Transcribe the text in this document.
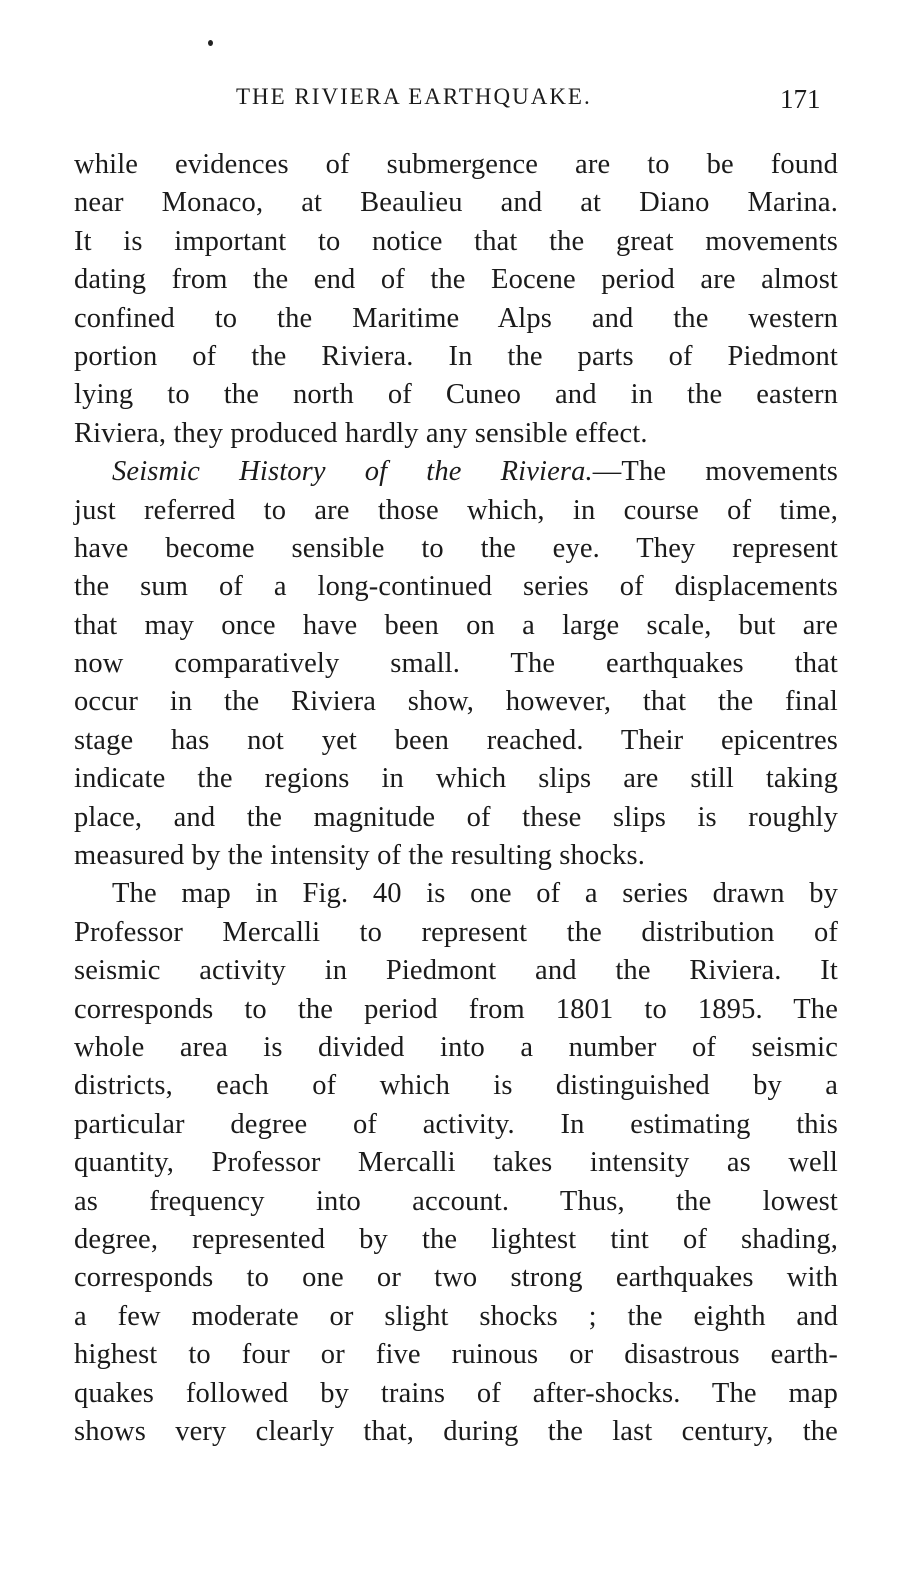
THE RIVIERA EARTHQUAKE.	171
while evidences of submergence are to be found
near Monaco, at Beaulieu and at Diano Marina.
It is important to notice that the great movements
dating from the end of the Eocene period are almost
confined to the Maritime Alps and the western
portion of the Riviera. In the parts of Piedmont
lying to the north of Cuneo and in the eastern
Riviera, they produced hardly any sensible effect.
Seismic History of the Riviera.—The movements
just referred to are those which, in course of time,
have become sensible to the eye. They represent
the sum of a long-continued series of displacements
that may once have been on a large scale, but are
now comparatively small. The earthquakes that
occur in the Riviera show, however, that the final
stage has not yet been reached. Their epicentres
indicate the regions in which slips are still taking
place, and the magnitude of these slips is roughly
measured by the intensity of the resulting shocks.
The map in Fig. 40 is one of a series drawn by
Professor Mercalli to represent the distribution of
seismic activity in Piedmont and the Riviera. It
corresponds to the period from 1801 to 1895. The
whole area is divided into a number of seismic
districts, each of which is distinguished by a
particular degree of activity. In estimating this
quantity, Professor Mercalli takes intensity as well
as frequency into account. Thus, the lowest
degree, represented by the lightest tint of shading,
corresponds to one or two strong earthquakes with
a few moderate or slight shocks ; the eighth and
highest to four or five ruinous or disastrous earth-
quakes followed by trains of after-shocks. The map
shows very clearly that, during the last century, the
